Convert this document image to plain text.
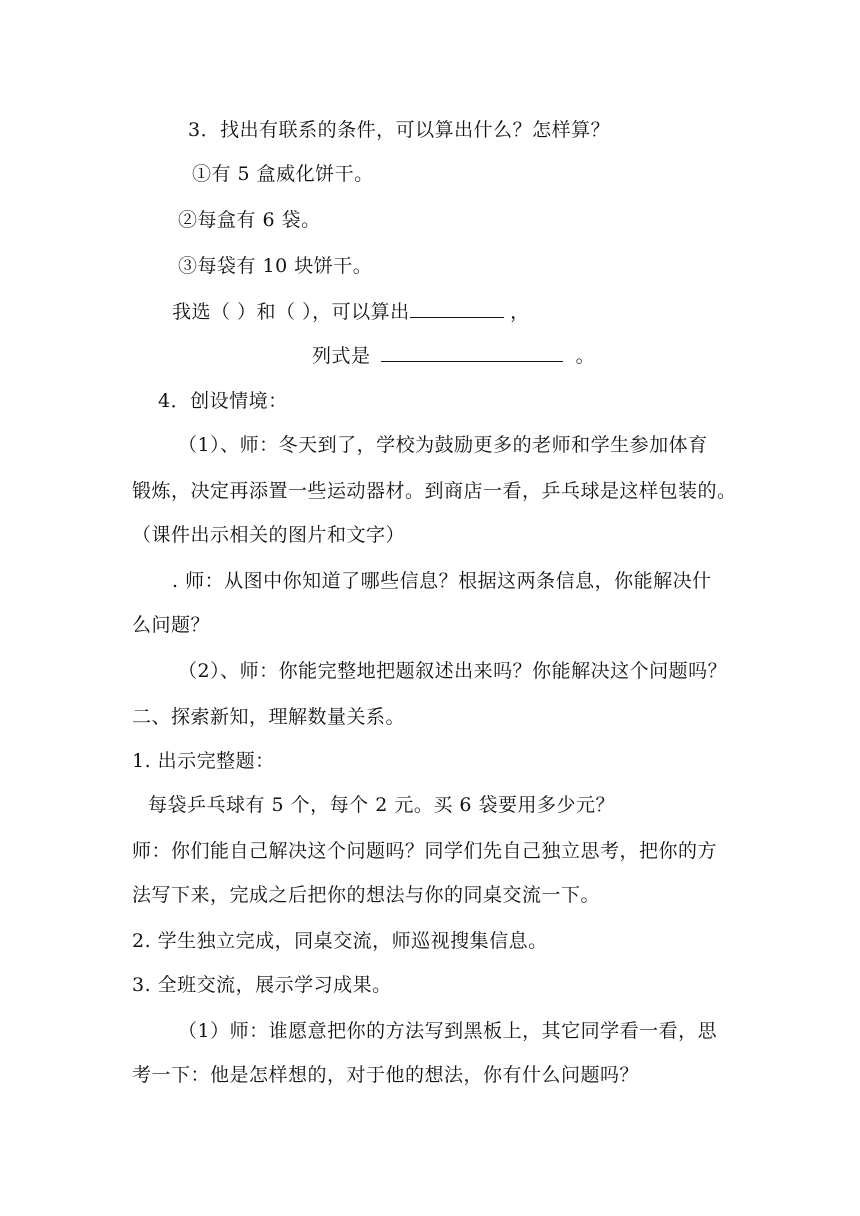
3．找出有联系的条件，可以算出什么？怎样算？
①有 5 盒威化饼干。
②每盒有 6 袋。
③每袋有 10 块饼干。
我选（ ）和（ ），可以算出	，
列式是	。
4．创设情境：
（1）、师：冬天到了，学校为鼓励更多的老师和学生参加体育
锻炼，决定再添置一些运动器材。到商店一看，乒乓球是这样包装的。
（课件出示相关的图片和文字）
. 师：从图中你知道了哪些信息？根据这两条信息，你能解决什
么问题？
（2）、师：你能完整地把题叙述出来吗？你能解决这个问题吗？
二、探索新知，理解数量关系。
1. 出示完整题：
每袋乒乓球有 5 个，每个 2 元。买 6 袋要用多少元？
师：你们能自己解决这个问题吗？同学们先自己独立思考，把你的方
法写下来，完成之后把你的想法与你的同桌交流一下。
2. 学生独立完成，同桌交流，师巡视搜集信息。
3. 全班交流，展示学习成果。
（1）师：谁愿意把你的方法写到黑板上，其它同学看一看，思
考一下：他是怎样想的，对于他的想法，你有什么问题吗？
